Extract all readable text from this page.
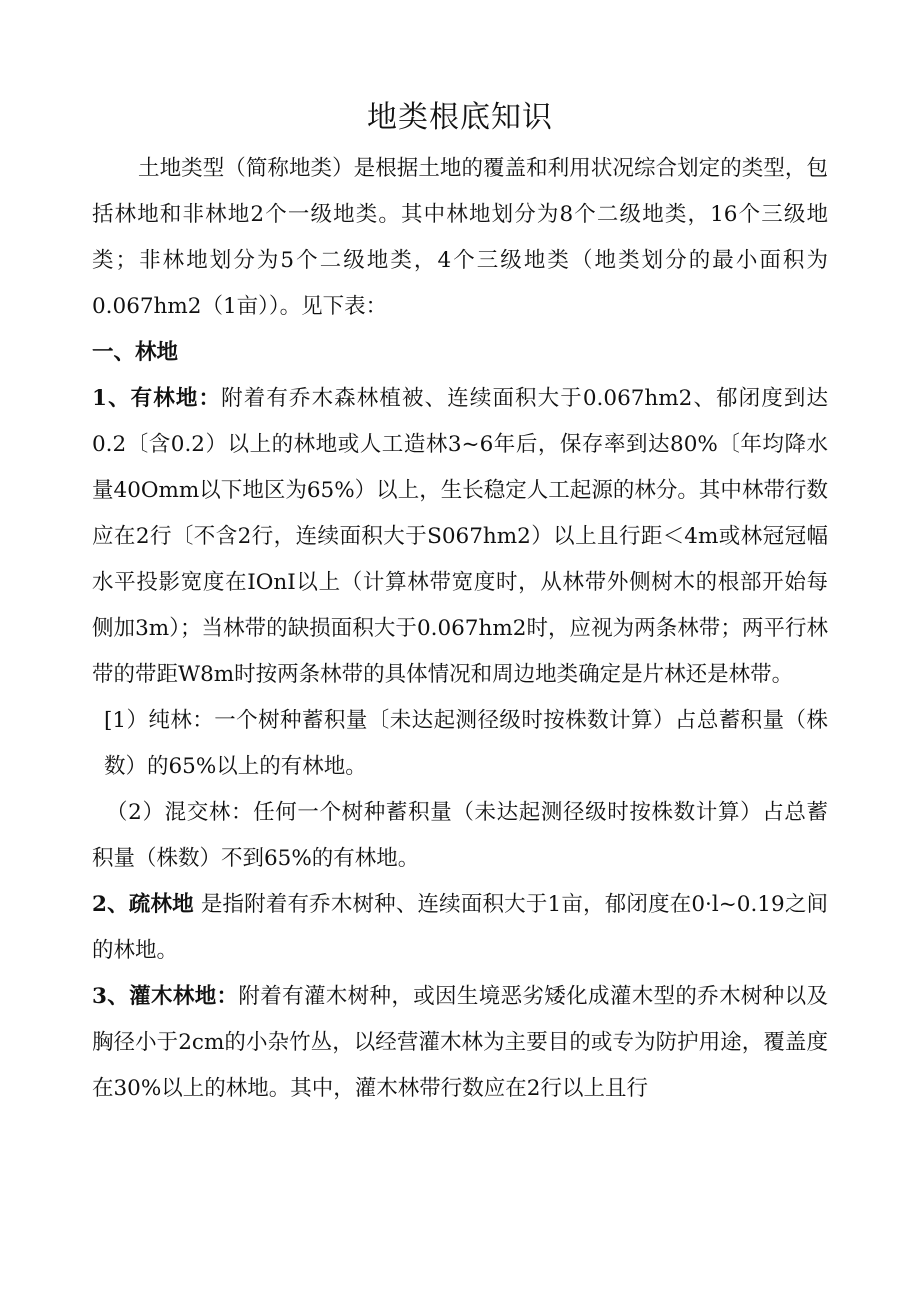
地类根底知识

土地类型（简称地类）是根据土地的覆盖和利用状况综合划定的类型，包括林地和非林地2个一级地类。其中林地划分为8个二级地类，16个三级地类；非林地划分为5个二级地类，4个三级地类（地类划分的最小面积为0.067hm2（1亩））。见下表：

一、林地

1、有林地：附着有乔木森林植被、连续面积大于0.067hm2、郁闭度到达0.2〔含0.2）以上的林地或人工造林3~6年后，保存率到达80%〔年均降水量40Omm以下地区为65%）以上，生长稳定人工起源的林分。其中林带行数应在2行〔不含2行，连续面积大于S067hm2）以上且行距＜4m或林冠冠幅水平投影宽度在IOnI以上（计算林带宽度时，从林带外侧树木的根部开始每侧加3m）；当林带的缺损面积大于0.067hm2时，应视为两条林带；两平行林带的带距W8m时按两条林带的具体情况和周边地类确定是片林还是林带。

[1）纯林：一个树种蓄积量〔未达起测径级时按株数计算）占总蓄积量（株数）的65%以上的有林地。

（2）混交林：任何一个树种蓄积量（未达起测径级时按株数计算）占总蓄积量（株数）不到65%的有林地。

2、疏林地 是指附着有乔木树种、连续面积大于1亩，郁闭度在0·l~0.19之间的林地。

3、灌木林地：附着有灌木树种，或因生境恶劣矮化成灌木型的乔木树种以及胸径小于2cm的小杂竹丛，以经营灌木林为主要目的或专为防护用途，覆盖度在30%以上的林地。其中，灌木林带行数应在2行以上且行
